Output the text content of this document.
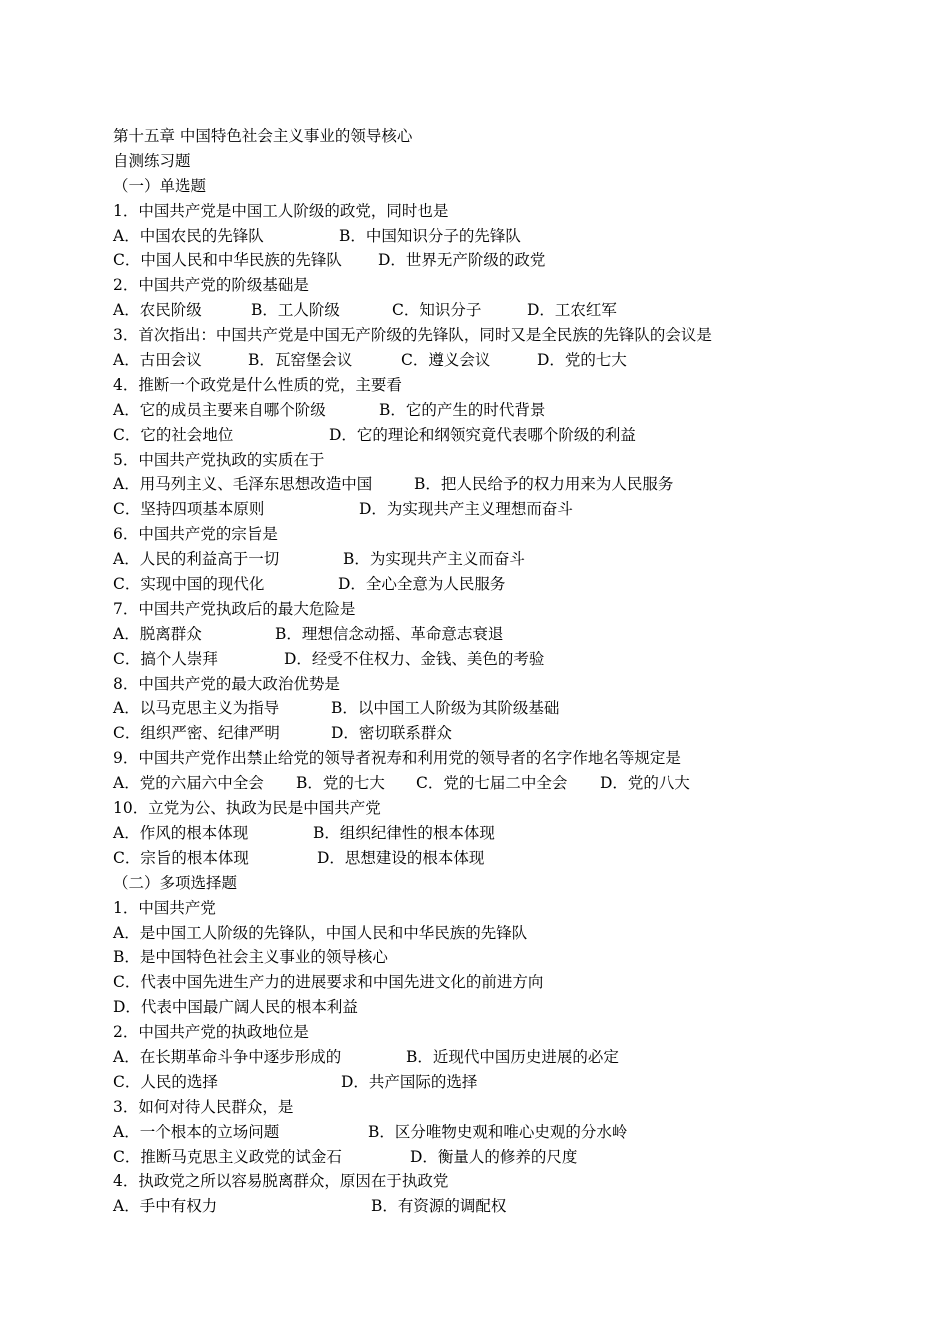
第十五章 中国特色社会主义事业的领导核心
自测练习题
（一）单选题
1．中国共产党是中国工人阶级的政党，同时也是
A．中国农民的先锋队	B．中国知识分子的先锋队
C．中国人民和中华民族的先锋队 D．世界无产阶级的政党
2．中国共产党的阶级基础是
A．农民阶级	B．工人阶级	C．知识分子	D．工农红军
3．首次指出：中国共产党是中国无产阶级的先锋队，同时又是全民族的先锋队的会议是
A．古田会议	B．瓦窑堡会议	C．遵义会议	D．党的七大
4．推断一个政党是什么性质的党，主要看
A．它的成员主要来自哪个阶级	B．它的产生的时代背景
C．它的社会地位	D．它的理论和纲领究竟代表哪个阶级的利益
5．中国共产党执政的实质在于
A．用马列主义、毛泽东思想改造中国	B．把人民给予的权力用来为人民服务
C．坚持四项基本原则	D．为实现共产主义理想而奋斗
6．中国共产党的宗旨是
A．人民的利益高于一切	B．为实现共产主义而奋斗
C．实现中国的现代化	D．全心全意为人民服务
7．中国共产党执政后的最大危险是
A．脱离群众	B．理想信念动摇、革命意志衰退
C．搞个人崇拜	D．经受不住权力、金钱、美色的考验
8．中国共产党的最大政治优势是
A．以马克思主义为指导	B．以中国工人阶级为其阶级基础
C．组织严密、纪律严明	D．密切联系群众
9．中国共产党作出禁止给党的领导者祝寿和利用党的领导者的名字作地名等规定是
A．党的六届六中全会 B．党的七大 C．党的七届二中全会 D．党的八大
10．立党为公、执政为民是中国共产党
A．作风的根本体现	B．组织纪律性的根本体现
C．宗旨的根本体现	D．思想建设的根本体现
（二）多项选择题
1．中国共产党
A．是中国工人阶级的先锋队，中国人民和中华民族的先锋队
B．是中国特色社会主义事业的领导核心
C．代表中国先进生产力的进展要求和中国先进文化的前进方向
D．代表中国最广阔人民的根本利益
2．中国共产党的执政地位是
A．在长期革命斗争中逐步形成的	B．近现代中国历史进展的必定
C．人民的选择	D．共产国际的选择
3．如何对待人民群众，是
A．一个根本的立场问题	B．区分唯物史观和唯心史观的分水岭
C．推断马克思主义政党的试金石	D．衡量人的修养的尺度
4．执政党之所以容易脱离群众，原因在于执政党
A．手中有权力	B．有资源的调配权
